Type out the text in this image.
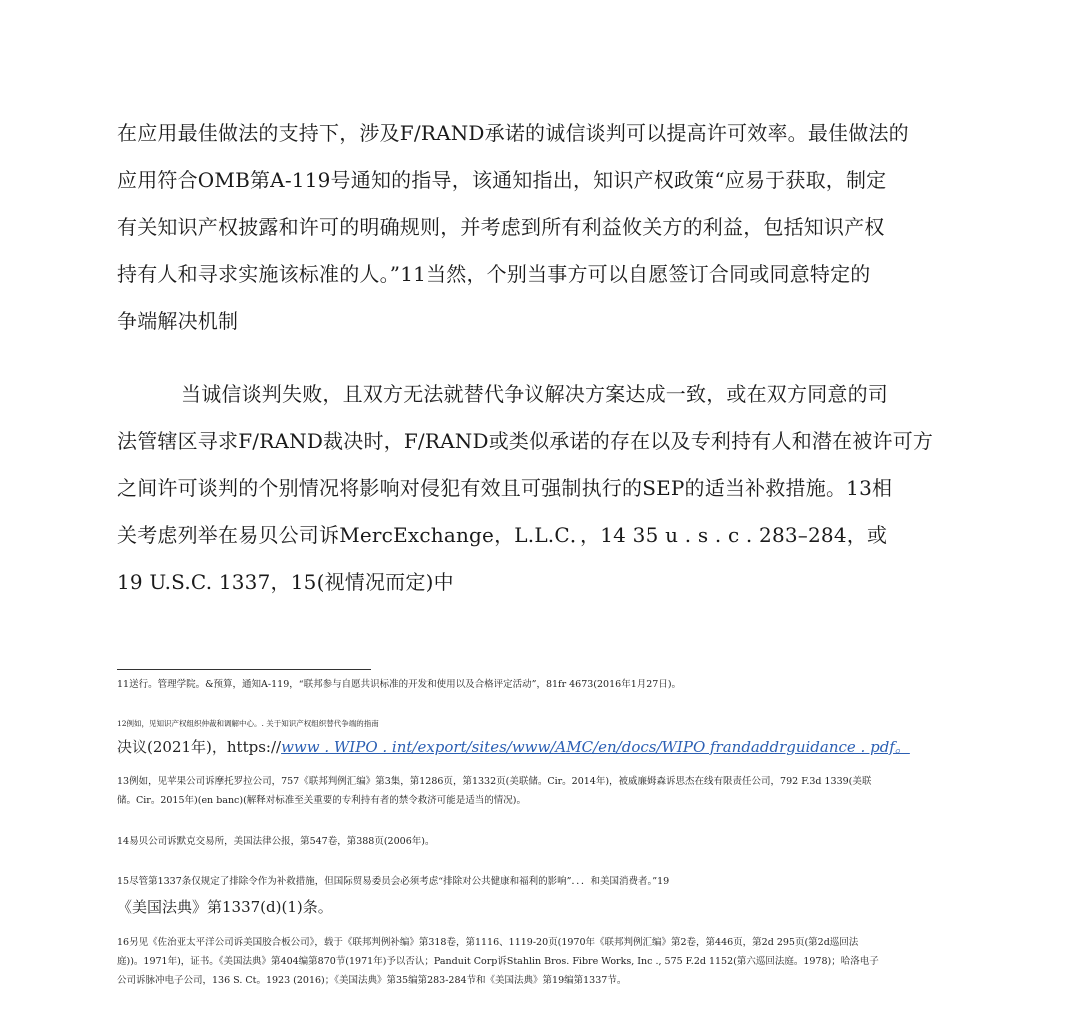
在应用最佳做法的支持下，涉及F/RAND承诺的诚信谈判可以提高许可效率。最佳做法的
应用符合OMB第A-119号通知的指导，该通知指出，知识产权政策“应易于获取，制定
有关知识产权披露和许可的明确规则，并考虑到所有利益攸关方的利益，包括知识产权
持有人和寻求实施该标准的人。”11当然，个别当事方可以自愿签订合同或同意特定的
争端解决机制
当诚信谈判失败，且双方无法就替代争议解决方案达成一致，或在双方同意的司
法管辖区寻求F/RAND裁决时，F/RAND或类似承诺的存在以及专利持有人和潜在被许可方
之间许可谈判的个别情况将影响对侵犯有效且可强制执行的SEP的适当补救措施。13相
关考虑列举在易贝公司诉MercExchange，L.L.C．，14 35 u . s . c . 283–284，或
19 U.S.C. 1337，15(视情况而定)中
11送行。管理学院。&预算，通知A-119，“联邦参与自愿共识标准的开发和使用以及合格评定活动”，81fr 4673(2016年1月27日)。
12例如，见知识产权组织仲裁和调解中心。. 关于知识产权组织替代争端的指南
决议(2021年)，https://www . WIPO . int/export/sites/www/AMC/en/docs/WIPO frandaddrguidance . pdf。
13例如，见苹果公司诉摩托罗拉公司，757《联邦判例汇编》第3集，第1286页，第1332页(美联储。Cir。2014年)，被威廉姆森诉思杰在线有限责任公司，792 F.3d 1339(美联
储。Cir。2015年)(en banc)(解释对标准至关重要的专利持有者的禁令救济可能是适当的情况)。
14易贝公司诉默克交易所，美国法律公报，第547卷，第388页(2006年)。
15尽管第1337条仅规定了排除令作为补救措施，但国际贸易委员会必须考虑“排除对公共健康和福利的影响”．．．和美国消费者。”19
《美国法典》第1337(d)(1)条。
16另见《佐治亚太平洋公司诉美国胶合板公司》，载于《联邦判例补编》第318卷，第1116、1119-20页(1970年《联邦判例汇编》第2卷，第446页，第2d 295页(第2d巡回法
庭))。1971年)，证书。《美国法典》第404编第870节(1971年)予以否认；Panduit Corp诉Stahlin Bros. Fibre Works, Inc ., 575 F.2d 1152(第六巡回法庭。1978)；哈洛电子
公司诉脉冲电子公司，136 S. Ct。1923 (2016)；《美国法典》第35编第283-284节和《美国法典》第19编第1337节。
